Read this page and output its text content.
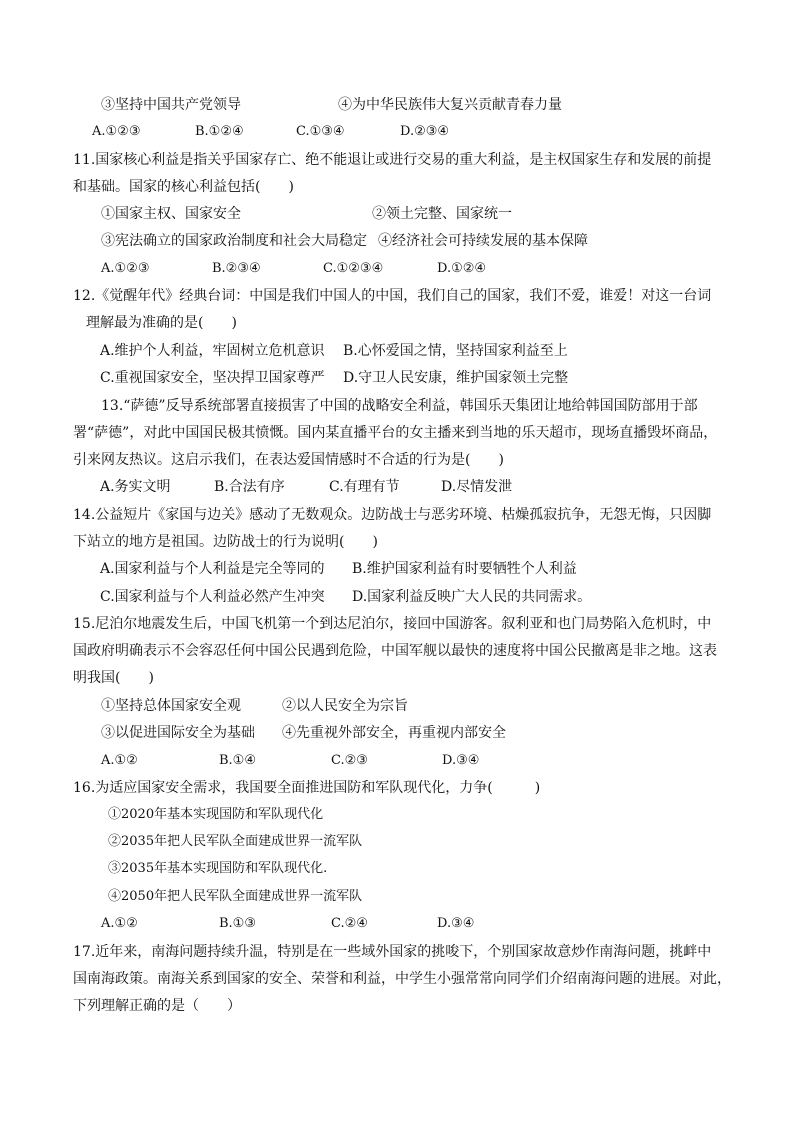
③坚持中国共产党领导	④为中华民族伟大复兴贡献青春力量
A.①②③	B.①②④	C.①③④	D.②③④
11.国家核心利益是指关乎国家存亡、绝不能退让或进行交易的重大利益，是主权国家生存和发展的前提
和基础。国家的核心利益包括(　　)
①国家主权、国家安全	②领土完整、国家统一
③宪法确立的国家政治制度和社会大局稳定 ④经济社会可持续发展的基本保障
A.①②③	B.②③④	C.①②③④	D.①②④
12.《觉醒年代》经典台词：中国是我们中国人的中国，我们自己的国家，我们不爱，谁爱！对这一台词
理解最为准确的是(　　)
A.维护个人利益，牢固树立危机意识 B.心怀爱国之情，坚持国家利益至上
C.重视国家安全，坚决捍卫国家尊严 D.守卫人民安康，维护国家领土完整
13.“萨德”反导系统部署直接损害了中国的战略安全利益，韩国乐天集团让地给韩国国防部用于部
署“萨德”，对此中国国民极其愤慨。国内某直播平台的女主播来到当地的乐天超市，现场直播毁坏商品，
引来网友热议。这启示我们，在表达爱国情感时不合适的行为是(　　)
A.务实文明	B.合法有序	C.有理有节	D.尽情发泄
14.公益短片《家国与边关》感动了无数观众。边防战士与恶劣环境、枯燥孤寂抗争，无怨无悔，只因脚
下站立的地方是祖国。边防战士的行为说明(　　)
A.国家利益与个人利益是完全等同的 B.维护国家利益有时要牺牲个人利益
C.国家利益与个人利益必然产生冲突 D.国家利益反映广大人民的共同需求。
15.尼泊尔地震发生后，中国飞机第一个到达尼泊尔，接回中国游客。叙利亚和也门局势陷入危机时，中
国政府明确表示不会容忍任何中国公民遇到危险，中国军舰以最快的速度将中国公民撤离是非之地。这表
明我国(　　)
①坚持总体国家安全观	②以人民安全为宗旨
③以促进国际安全为基础 ④先重视外部安全，再重视内部安全
A.①②	B.①④	C.②③	D.③④
16.为适应国家安全需求，我国要全面推进国防和军队现代化，力争(　　　)
①2020年基本实现国防和军队现代化
②2035年把人民军队全面建成世界一流军队
③2035年基本实现国防和军队现代化.
④2050年把人民军队全面建成世界一流军队
A.①②	B.①③	C.②④	D.③④
17.近年来，南海问题持续升温，特别是在一些域外国家的挑唆下，个别国家故意炒作南海问题，挑衅中
国南海政策。南海关系到国家的安全、荣誉和利益，中学生小强常常向同学们介绍南海问题的进展。对此，
下列理解正确的是（　　）
